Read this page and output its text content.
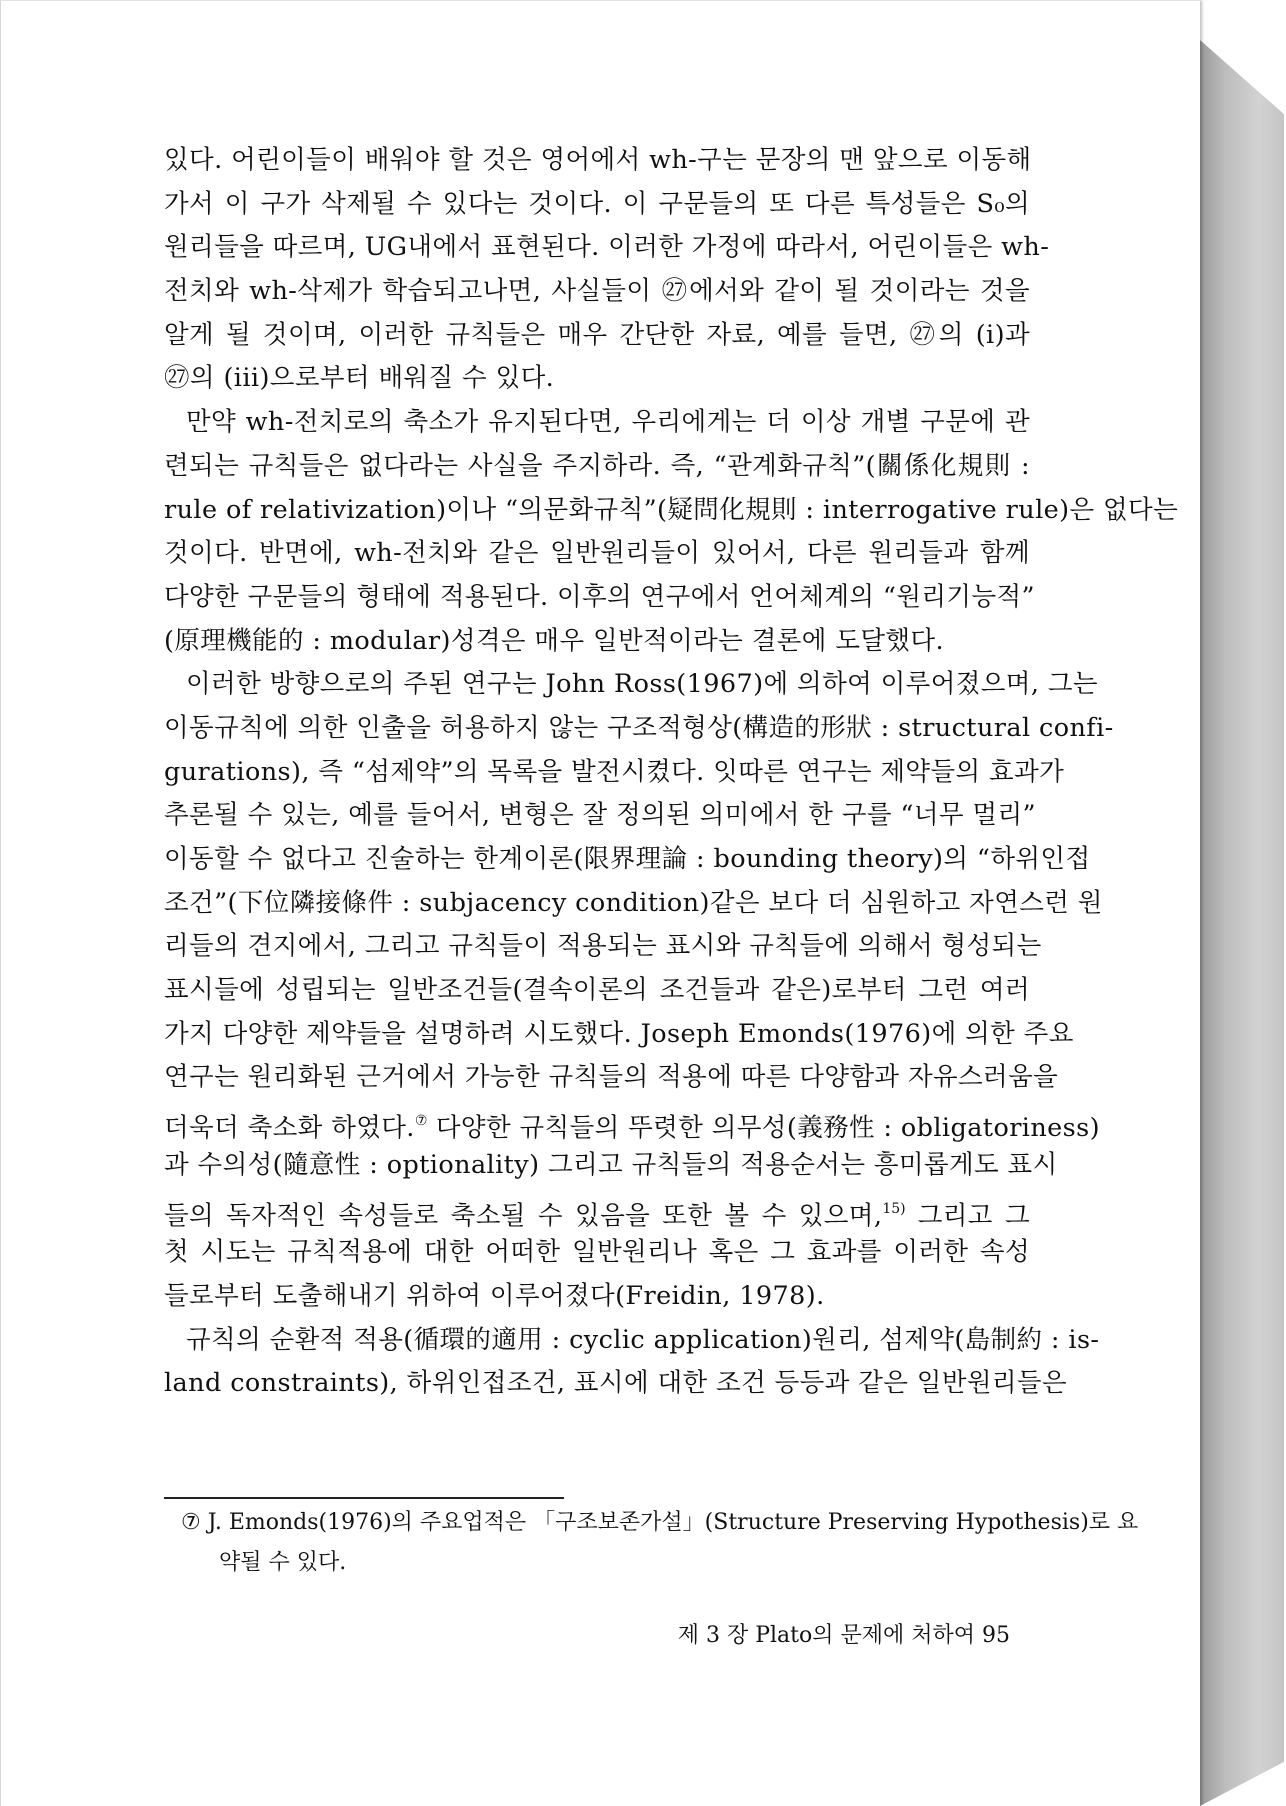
있다. 어린이들이 배워야 할 것은 영어에서 wh-구는 문장의 맨 앞으로 이동해
가서 이 구가 삭제될 수 있다는 것이다. 이 구문들의 또 다른 특성들은 S₀의
원리들을 따르며, UG내에서 표현된다. 이러한 가정에 따라서, 어린이들은 wh-
전치와 wh-삭제가 학습되고나면, 사실들이 ㉗에서와 같이 될 것이라는 것을
알게 될 것이며, 이러한 규칙들은 매우 간단한 자료, 예를 들면, ㉗의 (i)과
㉗의 (iii)으로부터 배워질 수 있다.
만약 wh-전치로의 축소가 유지된다면, 우리에게는 더 이상 개별 구문에 관
련되는 규칙들은 없다라는 사실을 주지하라. 즉, “관계화규칙”(關係化規則 :
rule of relativization)이나 “의문화규칙”(疑問化規則 : interrogative rule)은 없다는
것이다. 반면에, wh-전치와 같은 일반원리들이 있어서, 다른 원리들과 함께
다양한 구문들의 형태에 적용된다. 이후의 연구에서 언어체계의 “원리기능적”
(原理機能的 : modular)성격은 매우 일반적이라는 결론에 도달했다.
이러한 방향으로의 주된 연구는 John Ross(1967)에 의하여 이루어졌으며, 그는
이동규칙에 의한 인출을 허용하지 않는 구조적형상(構造的形狀 : structural confi-
gurations), 즉 “섬제약”의 목록을 발전시켰다. 잇따른 연구는 제약들의 효과가
추론될 수 있는, 예를 들어서, 변형은 잘 정의된 의미에서 한 구를 “너무 멀리”
이동할 수 없다고 진술하는 한계이론(限界理論 : bounding theory)의 “하위인접
조건”(下位隣接條件 : subjacency condition)같은 보다 더 심원하고 자연스런 원
리들의 견지에서, 그리고 규칙들이 적용되는 표시와 규칙들에 의해서 형성되는
표시들에 성립되는 일반조건들(결속이론의 조건들과 같은)로부터 그런 여러
가지 다양한 제약들을 설명하려 시도했다. Joseph Emonds(1976)에 의한 주요
연구는 원리화된 근거에서 가능한 규칙들의 적용에 따른 다양함과 자유스러움을
더욱더 축소화 하였다.⑦ 다양한 규칙들의 뚜렷한 의무성(義務性 : obligatoriness)
과 수의성(隨意性 : optionality) 그리고 규칙들의 적용순서는 흥미롭게도 표시
들의 독자적인 속성들로 축소될 수 있음을 또한 볼 수 있으며,$^{15)}$ 그리고 그
첫 시도는 규칙적용에 대한 어떠한 일반원리나 혹은 그 효과를 이러한 속성
들로부터 도출해내기 위하여 이루어졌다(Freidin, 1978).
규칙의 순환적 적용(循環的適用 : cyclic application)원리, 섬제약(島制約 : is-
land constraints), 하위인접조건, 표시에 대한 조건 등등과 같은 일반원리들은
⑦ J. Emonds(1976)의 주요업적은 「구조보존가설」(Structure Preserving Hypothesis)로 요
약될 수 있다.
제 3 장 Plato의 문제에 처하여 95
